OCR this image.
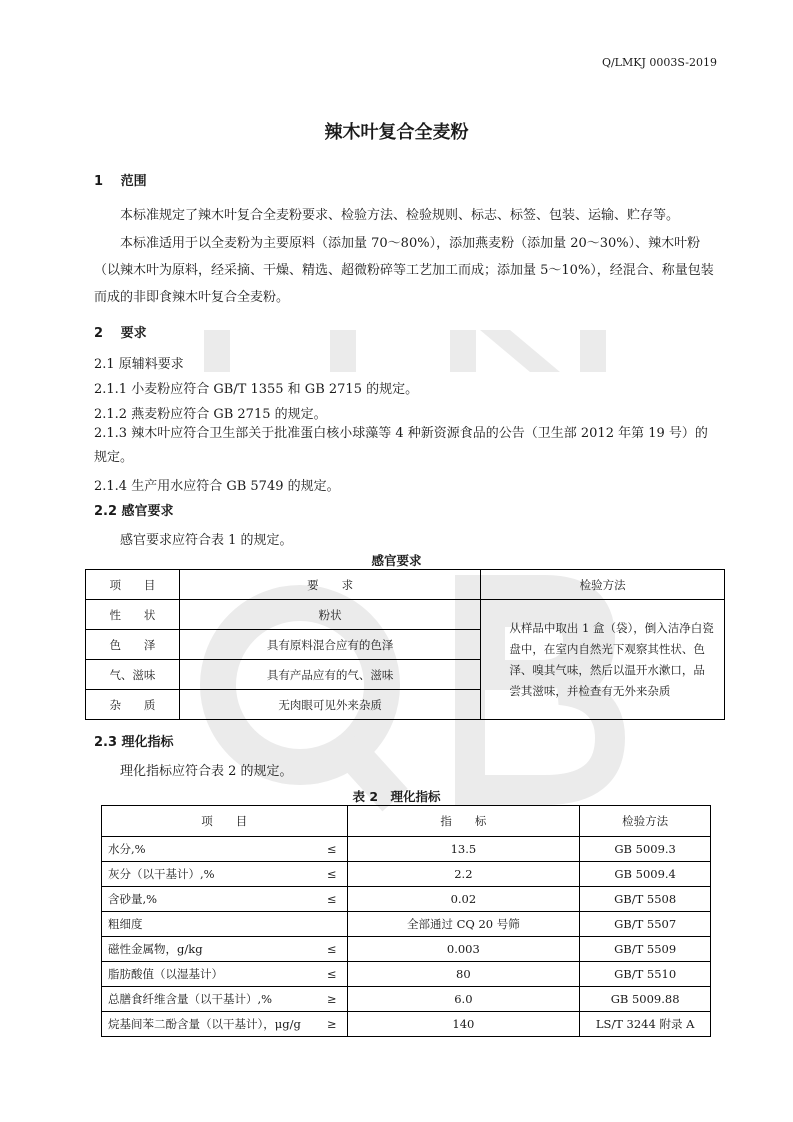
Q/LMKJ 0003S-2019
辣木叶复合全麦粉
1　 范围
本标准规定了辣木叶复合全麦粉要求、检验方法、检验规则、标志、标签、包装、运输、贮存等。
本标准适用于以全麦粉为主要原料（添加量 70～80%），添加燕麦粉（添加量 20～30%）、辣木叶粉（以辣木叶为原料，经采摘、干燥、精选、超微粉碎等工艺加工而成；添加量 5～10%），经混合、称量包装而成的非即食辣木叶复合全麦粉。
2　 要求
2.1 原辅料要求
2.1.1 小麦粉应符合 GB/T 1355 和 GB 2715 的规定。
2.1.2 燕麦粉应符合 GB 2715 的规定。
2.1.3 辣木叶应符合卫生部关于批准蛋白核小球藻等 4 种新资源食品的公告（卫生部 2012 年第 19 号）的规定。
2.1.4 生产用水应符合 GB 5749 的规定。
2.2 感官要求
感官要求应符合表 1 的规定。
感官要求
项　　目	要　　求	检验方法
性　　状	粉状	从样品中取出 1 盒（袋），倒入洁净白瓷盘中，在室内自然光下观察其性状、色泽、嗅其气味，然后以温开水漱口，品尝其滋味，并检查有无外来杂质
色　　泽	具有原料混合应有的色泽	
气、滋味	具有产品应有的气、滋味	
杂　　质	无肉眼可见外来杂质	
2.3 理化指标
理化指标应符合表 2 的规定。
表 2　理化指标
项　　目		指　　标	检验方法
水分,%	≤	13.5	GB 5009.3
灰分（以干基计）,%	≤	2.2	GB 5009.4
含砂量,%	≤	0.02	GB/T 5508
粗细度		全部通过 CQ 20 号筛	GB/T 5507
磁性金属物，g/kg	≤	0.003	GB/T 5509
脂肪酸值（以湿基计）	≤	80	GB/T 5510
总膳食纤维含量（以干基计）,%	≥	6.0	GB 5009.88
烷基间苯二酚含量（以干基计），μg/g	≥	140	LS/T 3244 附录 A
